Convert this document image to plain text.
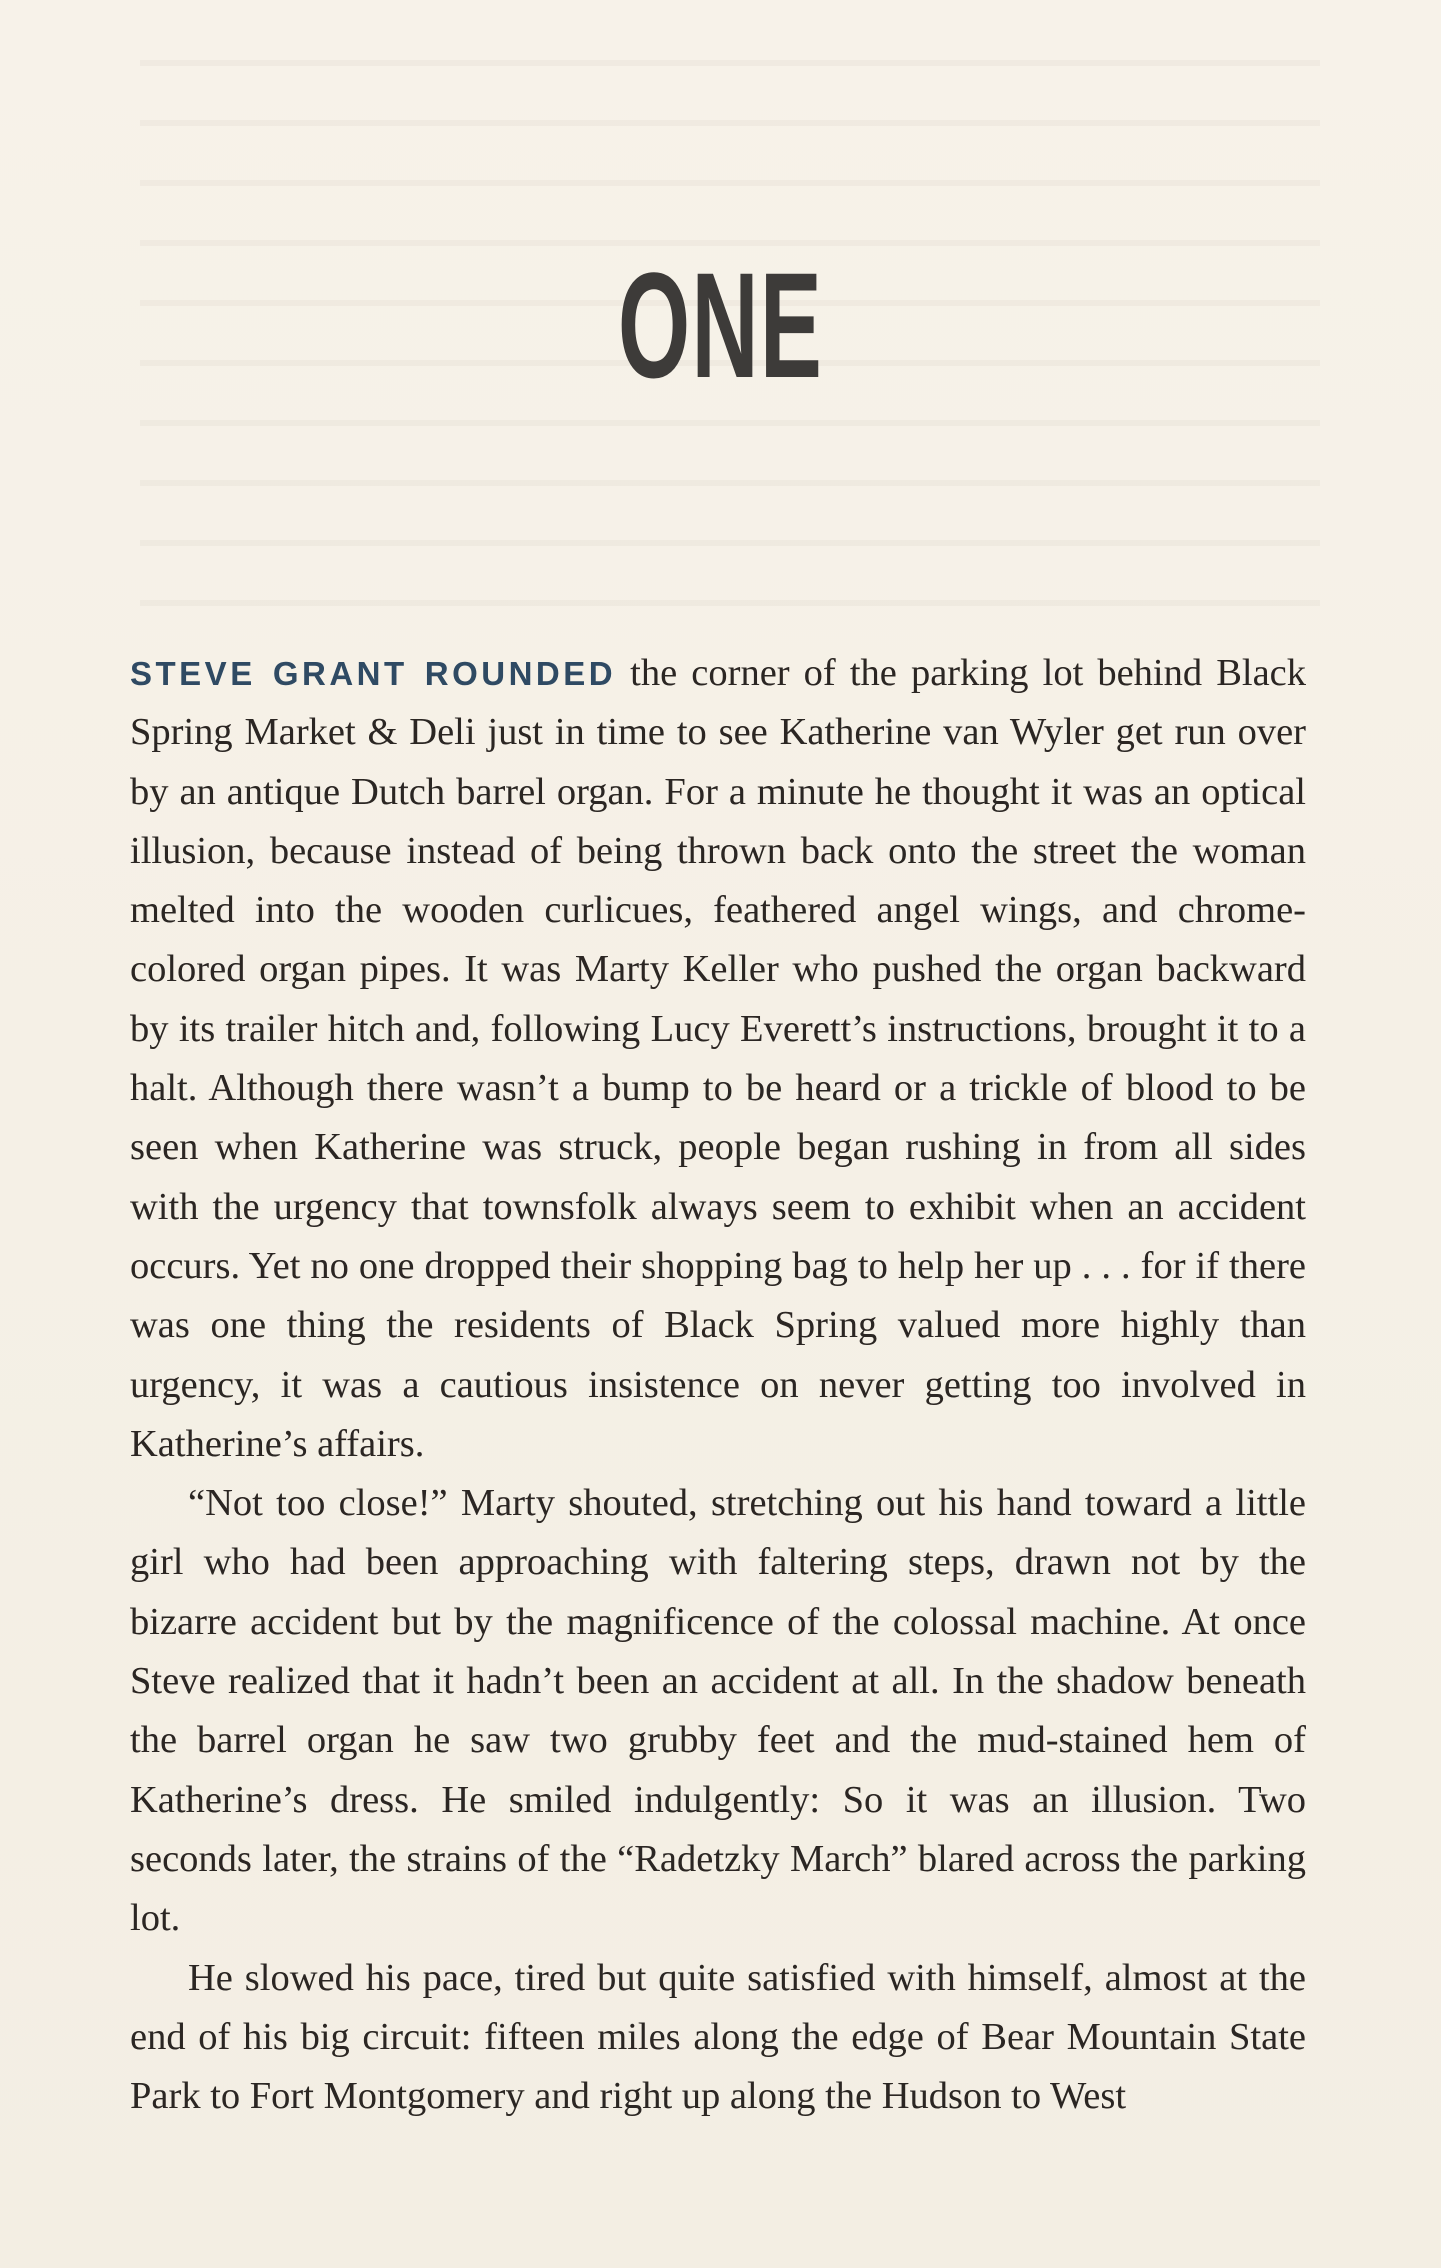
ONE

STEVE GRANT ROUNDED the corner of the parking lot behind Black Spring Market & Deli just in time to see Katherine van Wyler get run over by an antique Dutch barrel organ. For a minute he thought it was an optical illusion, because instead of being thrown back onto the street the woman melted into the wooden curlicues, feathered angel wings, and chrome-colored organ pipes. It was Marty Keller who pushed the organ backward by its trailer hitch and, following Lucy Everett’s instructions, brought it to a halt. Although there wasn’t a bump to be heard or a trickle of blood to be seen when Katherine was struck, people began rushing in from all sides with the urgency that townsfolk always seem to exhibit when an accident occurs. Yet no one dropped their shopping bag to help her up . . . for if there was one thing the residents of Black Spring valued more highly than urgency, it was a cautious insistence on never getting too involved in Katherine’s affairs.

“Not too close!” Marty shouted, stretching out his hand toward a little girl who had been approaching with faltering steps, drawn not by the bizarre accident but by the magnificence of the colossal machine. At once Steve realized that it hadn’t been an accident at all. In the shadow beneath the barrel organ he saw two grubby feet and the mud-stained hem of Katherine’s dress. He smiled indulgently: So it was an illusion. Two seconds later, the strains of the “Radetzky March” blared across the parking lot.

He slowed his pace, tired but quite satisfied with himself, almost at the end of his big circuit: fifteen miles along the edge of Bear Mountain State Park to Fort Montgomery and right up along the Hudson to West
